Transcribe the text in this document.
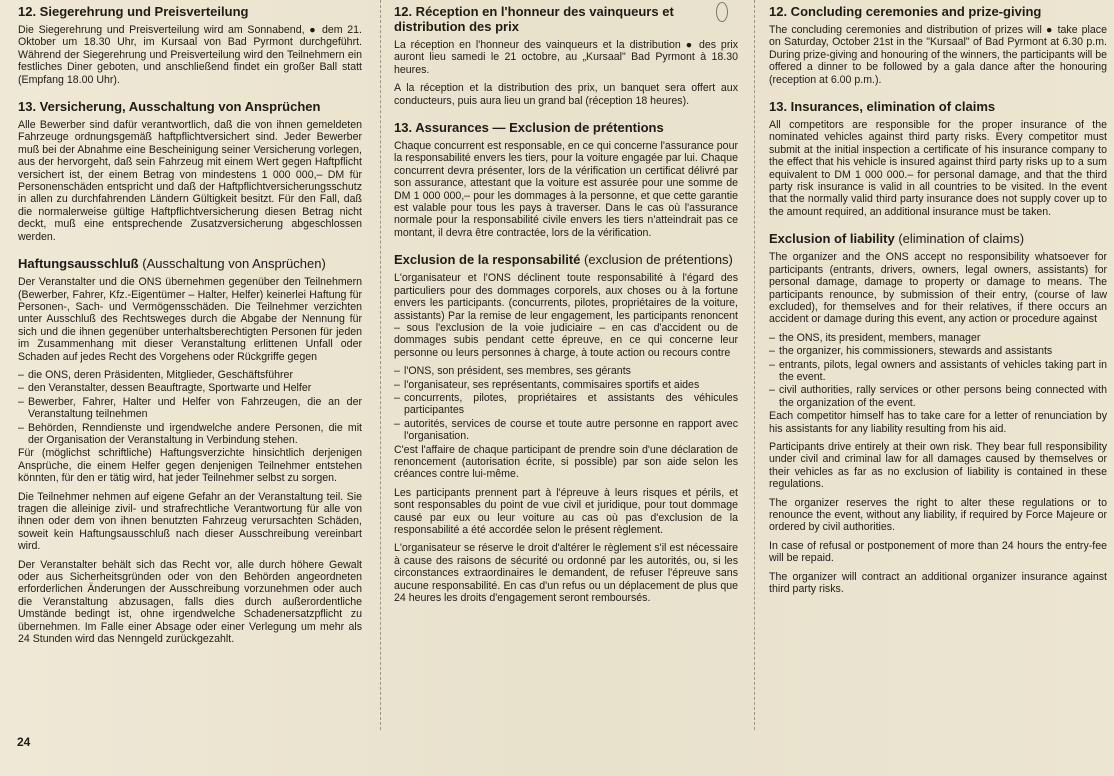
12. Siegerehrung und Preisverteilung
Die Siegerehrung und Preisverteilung wird am Sonnabend, ● dem 21. Oktober um 18.30 Uhr, im Kursaal von Bad Pyrmont durchgeführt. Während der Siegerehrung und Preisverteilung wird den Teilnehmern ein festliches Diner geboten, und anschließend findet ein großer Ball statt (Empfang 18.00 Uhr).
13. Versicherung, Ausschaltung von Ansprüchen
Alle Bewerber sind dafür verantwortlich, daß die von ihnen gemeldeten Fahrzeuge ordnungsgemäß haftpflichtversichert sind. Jeder Bewerber muß bei der Abnahme eine Bescheinigung seiner Versicherung vorlegen, aus der hervorgeht, daß sein Fahrzeug mit einem Wert gegen Haftpflicht versichert ist, der einem Betrag von mindestens 1 000 000,– DM für Personenschäden entspricht und daß der Haftpflichtversicherungsschutz in allen zu durchfahrenden Ländern Gültigkeit besitzt. Für den Fall, daß die normalerweise gültige Haftpflichtversicherung diesen Betrag nicht deckt, muß eine entsprechende Zusatzversicherung abgeschlossen werden.
Haftungsausschluß (Ausschaltung von Ansprüchen)
Der Veranstalter und die ONS übernehmen gegenüber den Teilnehmern (Bewerber, Fahrer, Kfz.-Eigentümer – Halter, Helfer) keinerlei Haftung für Personen-, Sach- und Vermögensschäden. Die Teilnehmer verzichten unter Ausschluß des Rechtsweges durch die Abgabe der Nennung für sich und die ihnen gegenüber unterhaltsberechtigten Personen für jeden im Zusammenhang mit dieser Veranstaltung erlittenen Unfall oder Schaden auf jedes Recht des Vorgehens oder Rückgriffe gegen
– die ONS, deren Präsidenten, Mitglieder, Geschäftsführer
– den Veranstalter, dessen Beauftragte, Sportwarte und Helfer
– Bewerber, Fahrer, Halter und Helfer von Fahrzeugen, die an der Veranstaltung teilnehmen
– Behörden, Renndienste und irgendwelche andere Personen, die mit der Organisation der Veranstaltung in Verbindung stehen.
Für (möglichst schriftliche) Haftungsverzichte hinsichtlich derjenigen Ansprüche, die einem Helfer gegen denjenigen Teilnehmer entstehen könnten, für den er tätig wird, hat jeder Teilnehmer selbst zu sorgen.
Die Teilnehmer nehmen auf eigene Gefahr an der Veranstaltung teil. Sie tragen die alleinige zivil- und strafrechtliche Verantwortung für alle von ihnen oder dem von ihnen benutzten Fahrzeug verursachten Schäden, soweit kein Haftungsausschluß nach dieser Ausschreibung vereinbart wird.
Der Veranstalter behält sich das Recht vor, alle durch höhere Gewalt oder aus Sicherheitsgründen oder von den Behörden angeordneten erforderlichen Änderungen der Ausschreibung vorzunehmen oder auch die Veranstaltung abzusagen, falls dies durch außerordentliche Umstände bedingt ist, ohne irgendwelche Schadenersatzpflicht zu übernehmen. Im Falle einer Absage oder einer Verlegung um mehr als 24 Stunden wird das Nenngeld zurückgezahlt.
12. Réception en l'honneur des vainqueurs et distribution des prix
La réception en l'honneur des vainqueurs et la distribution ● des prix auront lieu samedi le 21 octobre, au „Kursaal" Bad Pyrmont à 18.30 heures.
A la réception et la distribution des prix, un banquet sera offert aux conducteurs, puis aura lieu un grand bal (réception 18 heures).
13. Assurances — Exclusion de prétentions
Chaque concurrent est responsable, en ce qui concerne l'assurance pour la responsabilité envers les tiers, pour la voiture engagée par lui. Chaque concurrent devra présenter, lors de la vérification un certificat délivré par son assurance, attestant que la voiture est assurée pour une somme de DM 1 000 000,– pour les dommages à la personne, et que cette garantie est valable pour tous les pays à traverser. Dans le cas où l'assurance normale pour la responsabilité civile envers les tiers n'atteindrait pas ce montant, il devra être contractée, lors de la vérification.
Exclusion de la responsabilité (exclusion de prétentions)
L'organisateur et l'ONS déclinent toute responsabilité à l'égard des particuliers pour des dommages corporels, aux choses ou à la fortune envers les participants. (concurrents, pilotes, propriétaires de la voiture, assistants) Par la remise de leur engagement, les participants renoncent – sous l'exclusion de la voie judiciaire – en cas d'accident ou de dommages subis pendant cette épreuve, en ce qui concerne leur personne ou leurs personnes à charge, à toute action ou recours contre
– l'ONS, son président, ses membres, ses gérants
– l'organisateur, ses représentants, commisaires sportifs et aides
– concurrents, pilotes, propriétaires et assistants des véhicules participantes
– autorités, services de course et toute autre personne en rapport avec l'organisation.
C'est l'affaire de chaque participant de prendre soin d'une déclaration de renoncement (autorisation écrite, si possible) par son aide selon les créances contre lui-même.
Les participants prennent part à l'épreuve à leurs risques et périls, et sont responsables du point de vue civil et juridique, pour tout dommage causé par eux ou leur voiture au cas où pas d'exclusion de la responsabilité a été accordée selon le présent règlement.
L'organisateur se réserve le droit d'altérer le règlement s'il est nécessaire à cause des raisons de sécurité ou ordonné par les autorités, ou, si les circonstances extraordinaires le demandent, de refuser l'épreuve sans aucune responsabilité. En cas d'un refus ou un déplacement de plus que 24 heures les droits d'engagement seront remboursés.
12. Concluding ceremonies and prize-giving
The concluding ceremonies and distribution of prizes will ● take place on Saturday, October 21st in the "Kursaal" of Bad Pyrmont at 6.30 p.m. During prize-giving and honouring of the winners, the participants will be offered a dinner to be followed by a gala dance after the honouring (reception at 6.00 p.m.).
13. Insurances, elimination of claims
All competitors are responsible for the proper insurance of the nominated vehicles against third party risks. Every competitor must submit at the initial inspection a certificate of his insurance company to the effect that his vehicle is insured against third party risks up to a sum equivalent to DM 1 000 000.– for personal damage, and that the third party risk insurance is valid in all countries to be visited. In the event that the normally valid third party insurance does not supply cover up to the amount required, an additional insurance must be taken.
Exclusion of liability (elimination of claims)
The organizer and the ONS accept no responsibility whatsoever for participants (entrants, drivers, owners, legal owners, assistants) for personal damage, damage to property or damage to means. The participants renounce, by submission of their entry, (course of law excluded), for themselves and for their relatives, if there occurs an accident or damage during this event, any action or procedure against
– the ONS, its president, members, manager
– the organizer, his commissioners, stewards and assistants
– entrants, pilots, legal owners and assistants of vehicles taking part in the event.
– civil authorities, rally services or other persons being connected with the organization of the event.
Each competitor himself has to take care for a letter of renunciation by his assistants for any liability resulting from his aid.
Participants drive entirely at their own risk. They bear full responsibility under civil and criminal law for all damages caused by themselves or their vehicles as far as no exclusion of liability is contained in these regulations.
The organizer reserves the right to alter these regulations or to renounce the event, without any liability, if required by Force Majeure or ordered by civil authorities.
In case of refusal or postponement of more than 24 hours the entry-fee will be repaid.
The organizer will contract an additional organizer insurance against third party risks.
24
